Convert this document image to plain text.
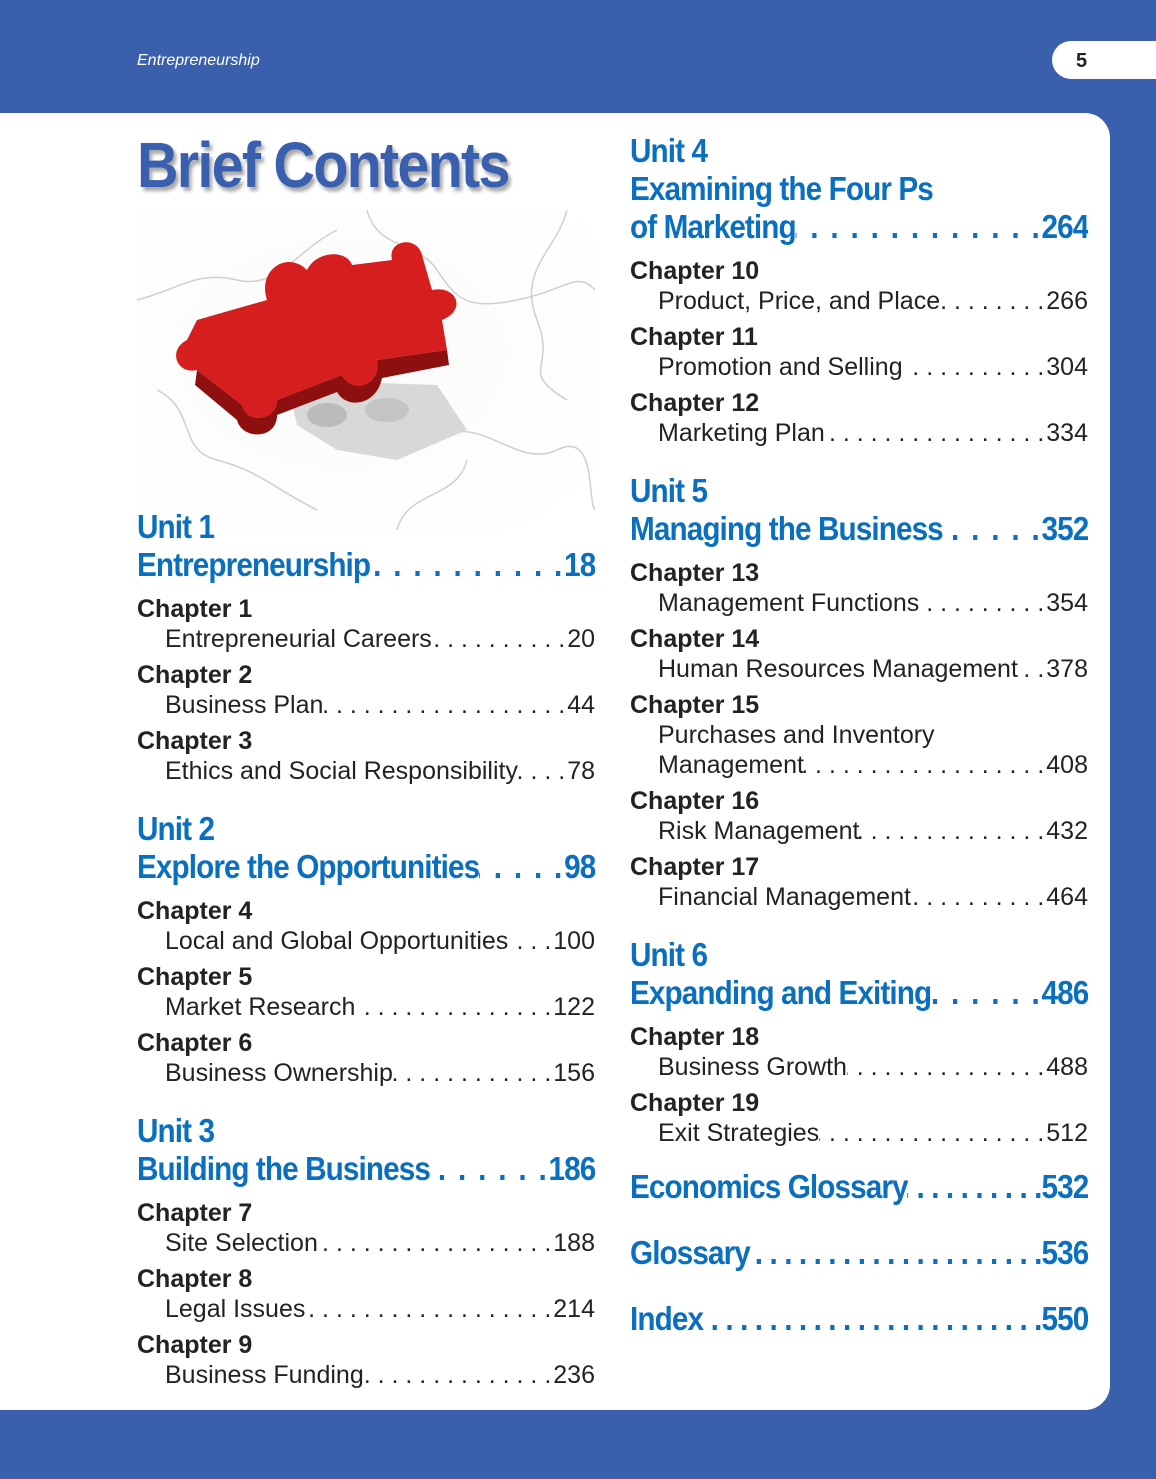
Entrepreneurship	5
Brief Contents
Unit 1
Entrepreneurship . . .	18
Chapter 1
Entrepreneurial Careers . . .	20
Chapter 2
Business Plan . . .	44
Chapter 3
Ethics and Social Responsibility . . . 78
Unit 2
Explore the Opportunities . . .	98
Chapter 4
Local and Global Opportunities . . . 100
Chapter 5
Market Research . . .	122
Chapter 6
Business Ownership . . .	156
Unit 3
Building the Business . . .	186
Chapter 7
Site Selection . . .	188
Chapter 8
Legal Issues . . .	214
Chapter 9
Business Funding . . .	236
Unit 4
Examining the Four Ps
of Marketing . . .	264
Chapter 10
Product, Price, and Place . . .	266
Chapter 11
Promotion and Selling . . .	304
Chapter 12
Marketing Plan . . .	334
Unit 5
Managing the Business . . .	352
Chapter 13
Management Functions . . .	354
Chapter 14
Human Resources Management . . . 378
Chapter 15
Purchases and Inventory
Management . . .	408
Chapter 16
Risk Management . . .	432
Chapter 17
Financial Management . . .	464
Unit 6
Expanding and Exiting . . .	486
Chapter 18
Business Growth . . .	488
Chapter 19
Exit Strategies . . .	512
Economics Glossary . . .	532
Glossary . . .	536
Index . . .	550
